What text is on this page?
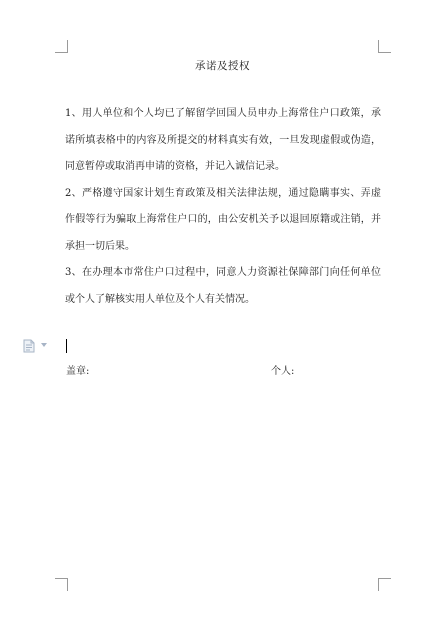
承诺及授权

1、用人单位和个人均已了解留学回国人员申办上海常住户口政策，承诺所填表格中的内容及所提交的材料真实有效，一旦发现虚假或伪造，同意暂停或取消再申请的资格，并记入诚信记录。

2、严格遵守国家计划生育政策及相关法律法规，通过隐瞒事实、弄虚作假等行为骗取上海常住户口的，由公安机关予以退回原籍或注销，并承担一切后果。

3、在办理本市常住户口过程中，同意人力资源社保障部门向任何单位或个人了解核实用人单位及个人有关情况。

盖章:	个人:
